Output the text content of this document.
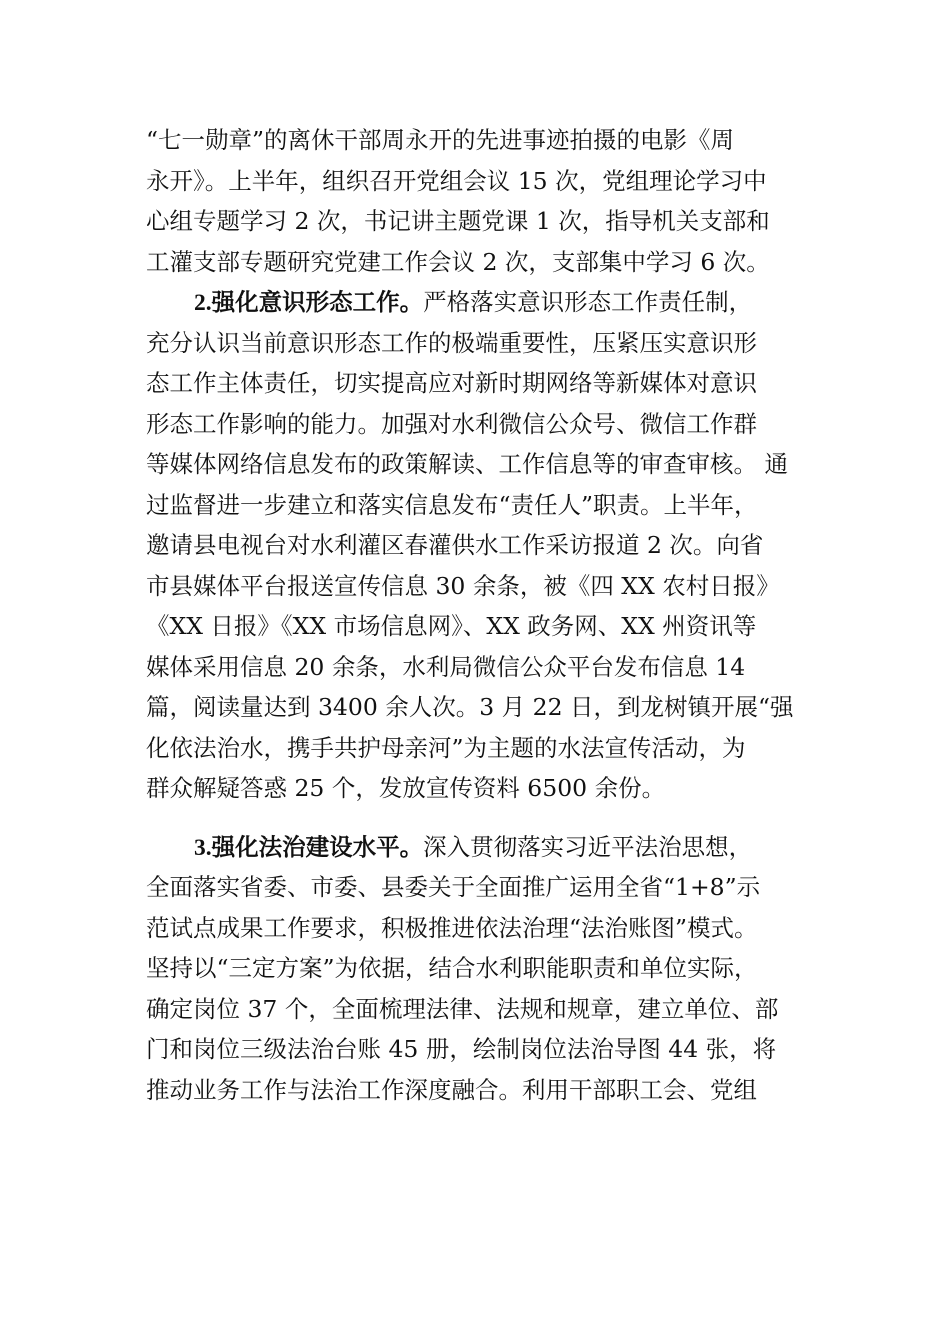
“七一勋章”的离休干部周永开的先进事迹拍摄的电影《周
永开》。上半年，组织召开党组会议 15 次，党组理论学习中
心组专题学习 2 次，书记讲主题党课 1 次，指导机关支部和
工灌支部专题研究党建工作会议 2 次，支部集中学习 6 次。
2.强化意识形态工作。严格落实意识形态工作责任制，
充分认识当前意识形态工作的极端重要性，压紧压实意识形
态工作主体责任，切实提高应对新时期网络等新媒体对意识
形态工作影响的能力。加强对水利微信公众号、微信工作群
等媒体网络信息发布的政策解读、工作信息等的审查审核。 通
过监督进一步建立和落实信息发布“责任人”职责。上半年，
邀请县电视台对水利灌区春灌供水工作采访报道 2 次。向省
市县媒体平台报送宣传信息 30 余条，被《四 XX 农村日报》
《XX 日报》《XX 市场信息网》、XX 政务网、XX 州资讯等
媒体采用信息 20 余条，水利局微信公众平台发布信息 14
篇，阅读量达到 3400 余人次。3 月 22 日，到龙树镇开展“强
化依法治水，携手共护母亲河”为主题的水法宣传活动，为
群众解疑答惑 25 个，发放宣传资料 6500 余份。
3.强化法治建设水平。深入贯彻落实习近平法治思想，
全面落实省委、市委、县委关于全面推广运用全省“1+8”示
范试点成果工作要求，积极推进依法治理“法治账图”模式。
坚持以“三定方案”为依据，结合水利职能职责和单位实际，
确定岗位 37 个，全面梳理法律、法规和规章，建立单位、部
门和岗位三级法治台账 45 册，绘制岗位法治导图 44 张，将
推动业务工作与法治工作深度融合。利用干部职工会、党组
